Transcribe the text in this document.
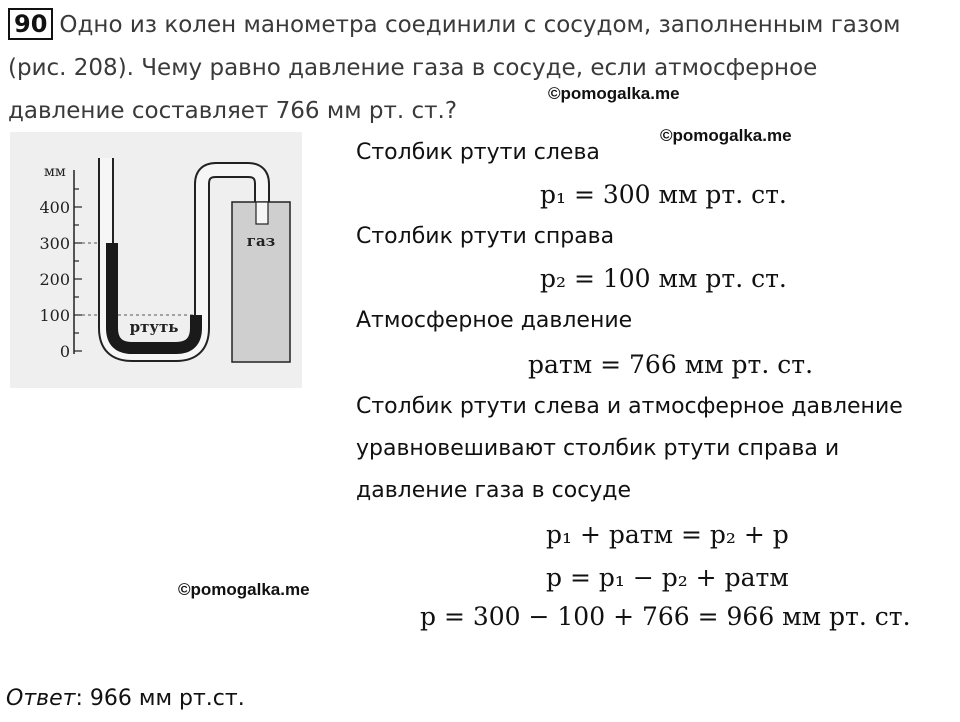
90 Одно из колен манометра соединили с сосудом, заполненным газом
(рис. 208). Чему равно давление газа в сосуде, если атмосферное
давление составляет 766 мм рт. ст.?
©pomogalka.me
©pomogalka.me
©pomogalka.me
мм
400
300
200
100
0
газ
ртуть
Столбик ртути слева
p₁ = 300 мм рт. ст.
Столбик ртути справа
p₂ = 100 мм рт. ст.
Атмосферное давление
pатм = 766 мм рт. ст.
Столбик ртути слева и атмосферное давление
уравновешивают столбик ртути справа и
давление газа в сосуде
p₁ + pатм = p₂ + p
p = p₁ − p₂ + pатм
p = 300 − 100 + 766 = 966 мм рт. ст.
Ответ: 966 мм рт.ст.
